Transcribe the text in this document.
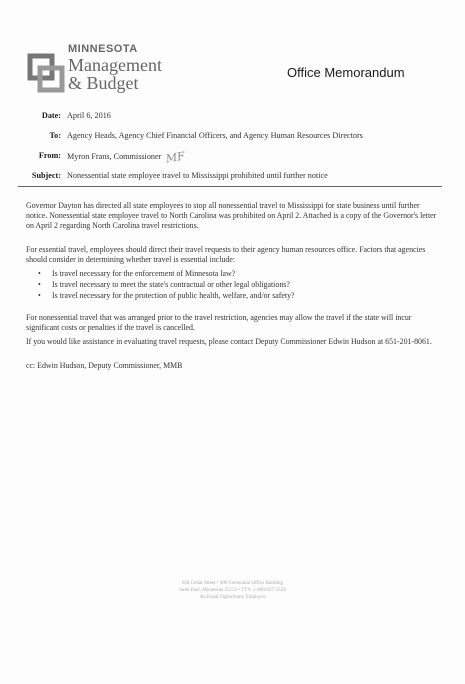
MINNESOTA
Management
& Budget
Office Memorandum
Date: April 6, 2016
To: Agency Heads, Agency Chief Financial Officers, and Agency Human Resources Directors
From: Myron Frans, Commissioner MF
Subject: Nonessential state employee travel to Mississippi prohibited until further notice
Governor Dayton has directed all state employees to stop all nonessential travel to Mississippi for state business until further notice. Nonessential state employee travel to North Carolina was prohibited on April 2. Attached is a copy of the Governor's letter on April 2 regarding North Carolina travel restrictions.
For essential travel, employees should direct their travel requests to their agency human resources office. Factors that agencies should consider in determining whether travel is essential include:
• Is travel necessary for the enforcement of Minnesota law?
• Is travel necessary to meet the state's contractual or other legal obligations?
• Is travel necessary for the protection of public health, welfare, and/or safety?
For nonessential travel that was arranged prior to the travel restriction, agencies may allow the travel if the state will incur significant costs or penalties if the travel is cancelled.
If you would like assistance in evaluating travel requests, please contact Deputy Commissioner Edwin Hudson at 651-201-8061.
cc: Edwin Hudson, Deputy Commissioner, MMB
658 Cedar Street • 400 Centennial Office Building
Saint Paul, Minnesota 55155 • TTY: 1-800-627-3529
An Equal Opportunity Employer
